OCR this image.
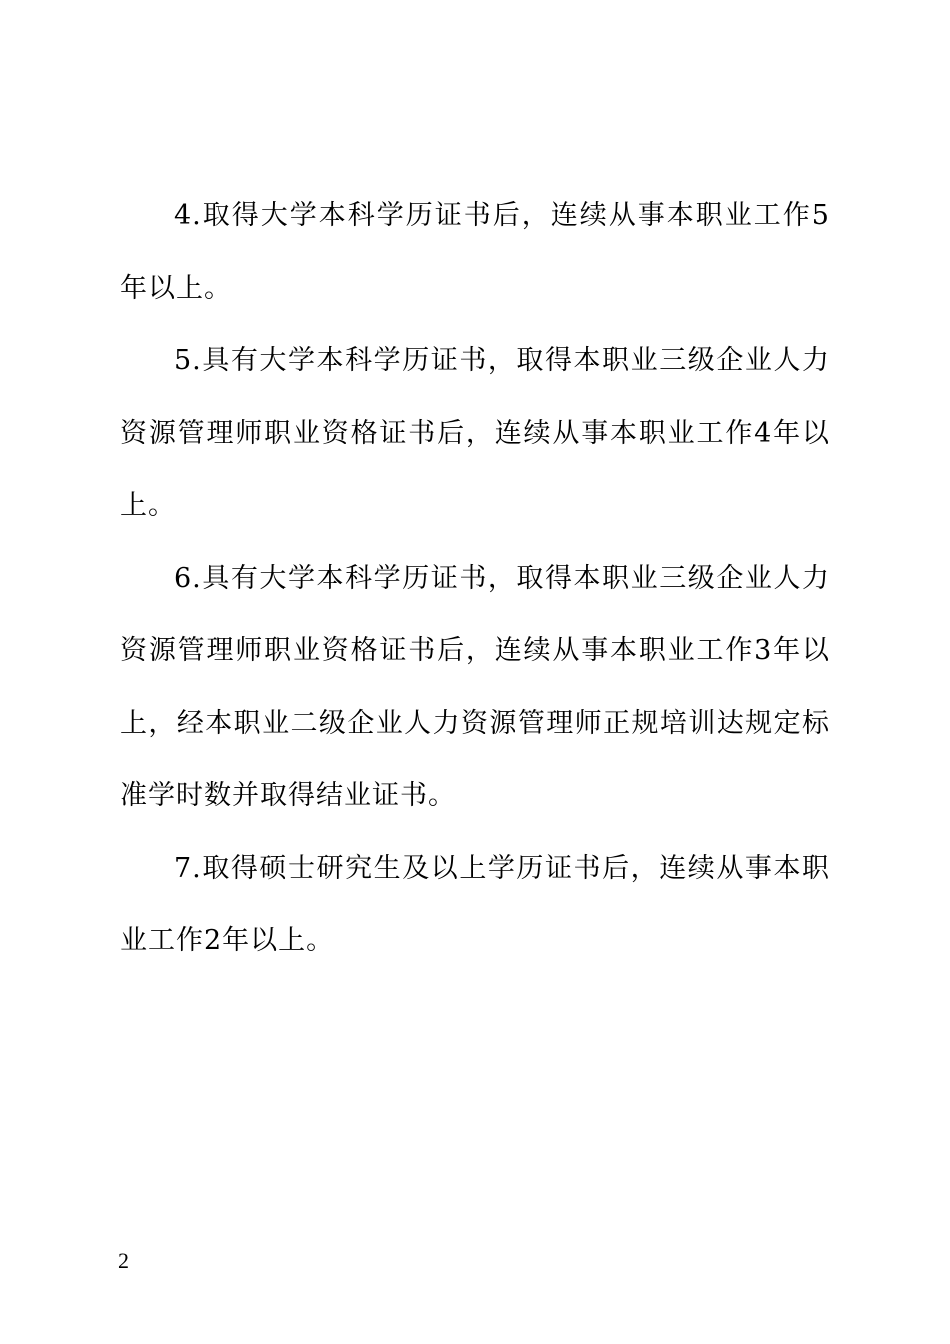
4.取得大学本科学历证书后，连续从事本职业工作5年以上。

5.具有大学本科学历证书，取得本职业三级企业人力资源管理师职业资格证书后，连续从事本职业工作4年以上。

6.具有大学本科学历证书，取得本职业三级企业人力资源管理师职业资格证书后，连续从事本职业工作3年以上，经本职业二级企业人力资源管理师正规培训达规定标准学时数并取得结业证书。

7.取得硕士研究生及以上学历证书后，连续从事本职业工作2年以上。

2
